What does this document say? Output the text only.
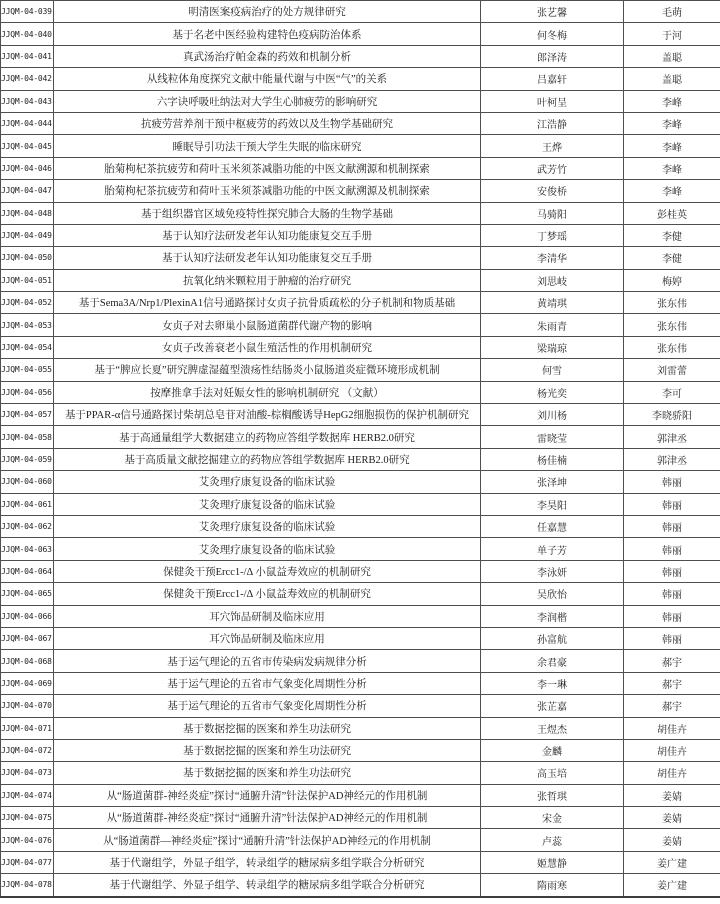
JJQM-04-039	明清医案疫病治疗的处方规律研究	张艺馨	毛萌
JJQM-04-040	基于名老中医经验构建特色疫病防治体系	何冬梅	于河
JJQM-04-041	真武汤治疗帕金森的药效和机制分析	郎泽涛	盖聪
JJQM-04-042	从线粒体角度探究文献中能量代谢与中医“气”的关系	吕嘉轩	盖聪
JJQM-04-043	六字诀呼吸吐纳法对大学生心肺疲劳的影响研究	叶柯呈	李峰
JJQM-04-044	抗疲劳营养剂干预中枢疲劳的药效以及生物学基础研究	江浩静	李峰
JJQM-04-045	睡眠导引功法干预大学生失眠的临床研究	王烨	李峰
JJQM-04-046	胎菊枸杞茶抗疲劳和荷叶玉米须茶减脂功能的中医文献溯源和机制探索	武芳竹	李峰
JJQM-04-047	胎菊枸杞茶抗疲劳和荷叶玉米须茶减脂功能的中医文献溯源及机制探索	安俊桥	李峰
JJQM-04-048	基于组织器官区域免疫特性探究肺合大肠的生物学基础	马骑阳	彭桂英
JJQM-04-049	基于认知疗法研发老年认知功能康复交互手册	丁梦瑶	李健
JJQM-04-050	基于认知疗法研发老年认知功能康复交互手册	李清华	李健
JJQM-04-051	抗氧化纳米颗粒用于肿瘤的治疗研究	刘思岐	梅婷
JJQM-04-052	基于Sema3A/Nrp1/PlexinA1信号通路探讨女贞子抗骨质疏松的分子机制和物质基础	黄靖琪	张东伟
JJQM-04-053	女贞子对去卵巢小鼠肠道菌群代谢产物的影响	朱雨青	张东伟
JJQM-04-054	女贞子改善衰老小鼠生殖活性的作用机制研究	梁瑞琼	张东伟
JJQM-04-055	基于“脾应长夏”研究脾虚湿蕴型溃疡性结肠炎小鼠肠道炎症微环境形成机制	何雪	刘雷蕾
JJQM-04-056	按摩推拿手法对妊娠女性的影响机制研究 （文献）	杨光奕	李可
JJQM-04-057	基于PPAR-α信号通路探讨柴胡总皂苷对油酸-棕榈酸诱导HepG2细胞损伤的保护机制研究	刘川杨	李晓骄阳
JJQM-04-058	基于高通量组学大数据建立的药物应答组学数据库 HERB2.0研究	雷晓莹	郭津丞
JJQM-04-059	基于高质量文献挖掘建立的药物应答组学数据库 HERB2.0研究	杨佳楠	郭津丞
JJQM-04-060	艾灸理疗康复设备的临床试验	张泽坤	韩丽
JJQM-04-061	艾灸理疗康复设备的临床试验	李昊阳	韩丽
JJQM-04-062	艾灸理疗康复设备的临床试验	任嘉慧	韩丽
JJQM-04-063	艾灸理疗康复设备的临床试验	单子芳	韩丽
JJQM-04-064	保健灸干预Ercc1-/Δ 小鼠益寿效应的机制研究	李泳妍	韩丽
JJQM-04-065	保健灸干预Ercc1-/Δ 小鼠益寿效应的机制研究	吴欣怡	韩丽
JJQM-04-066	耳穴饰品研制及临床应用	李润楷	韩丽
JJQM-04-067	耳穴饰品研制及临床应用	孙富航	韩丽
JJQM-04-068	基于运气理论的五省市传染病发病规律分析	余君豪	郝宇
JJQM-04-069	基于运气理论的五省市气象变化周期性分析	李一琳	郝宇
JJQM-04-070	基于运气理论的五省市气象变化周期性分析	张芷嘉	郝宇
JJQM-04-071	基于数据挖掘的医案和养生功法研究	王煜杰	胡佳卉
JJQM-04-072	基于数据挖掘的医案和养生功法研究	金麟	胡佳卉
JJQM-04-073	基于数据挖掘的医案和养生功法研究	高玉培	胡佳卉
JJQM-04-074	从“肠道菌群-神经炎症”探讨“通腑升清”针法保护AD神经元的作用机制	张哲琪	姜婧
JJQM-04-075	从“肠道菌群-神经炎症”探讨“通腑升清”针法保护AD神经元的作用机制	宋金	姜婧
JJQM-04-076	从“肠道菌群—神经炎症”探讨“通腑升清”针法保护AD神经元的作用机制	卢蕊	姜婧
JJQM-04-077	基于代谢组学，外显子组学，转录组学的糖尿病多组学联合分析研究	姬慧静	姜广建
JJQM-04-078	基于代谢组学、外显子组学、转录组学的糖尿病多组学联合分析研究	隋雨寒	姜广建
